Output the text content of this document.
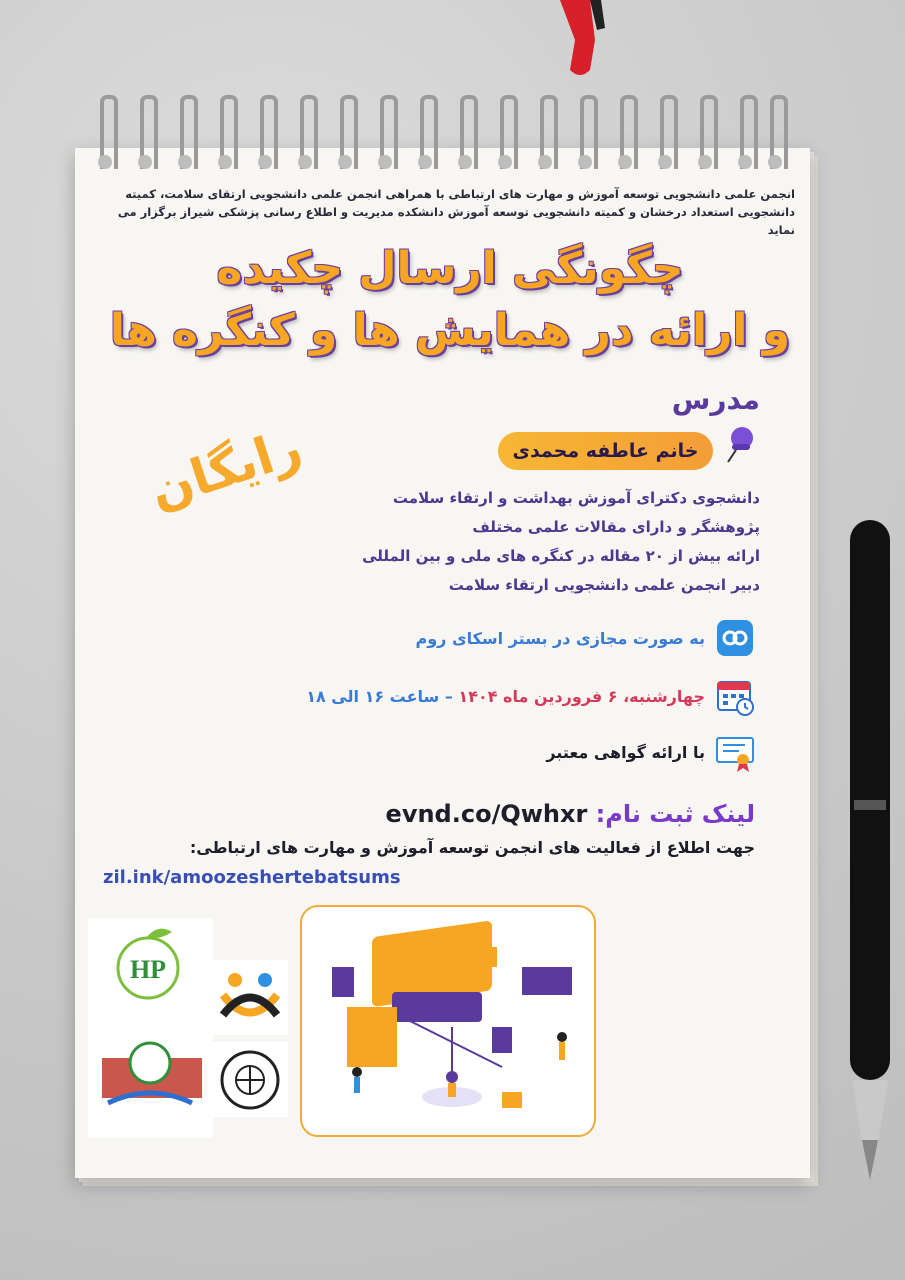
انجمن علمی دانشجویی توسعه آموزش و مهارت های ارتباطی با همراهی انجمن علمی دانشجویی ارتقای سلامت، کمیته
دانشجویی استعداد درخشان و کمیته دانشجویی توسعه آموزش دانشکده مدیریت و اطلاع رسانی پزشکی شیراز برگزار می نماید
چگونگی ارسال چکیده
و ارائه در همایش ها و کنگره ها
مدرس
رایگان	خانم عاطفه محمدی
دانشجوی دکترای آموزش بهداشت و ارتقاء سلامت
پژوهشگر و دارای مقالات علمی مختلف
ارائه بیش از ۲۰ مقاله در کنگره های ملی و بین المللی
دبیر انجمن علمی دانشجویی ارتقاء سلامت
به صورت مجازی در بستر اسکای روم
چهارشنبه، ۶ فروردین ماه ۱۴۰۴ – ساعت ۱۶ الی ۱۸
با ارائه گواهی معتبر
لینک ثبت نام: evnd.co/Qwhxr
جهت اطلاع از فعالیت های انجمن توسعه آموزش و مهارت های ارتباطی:
zil.ink/amoozeshertebatsums
HP
